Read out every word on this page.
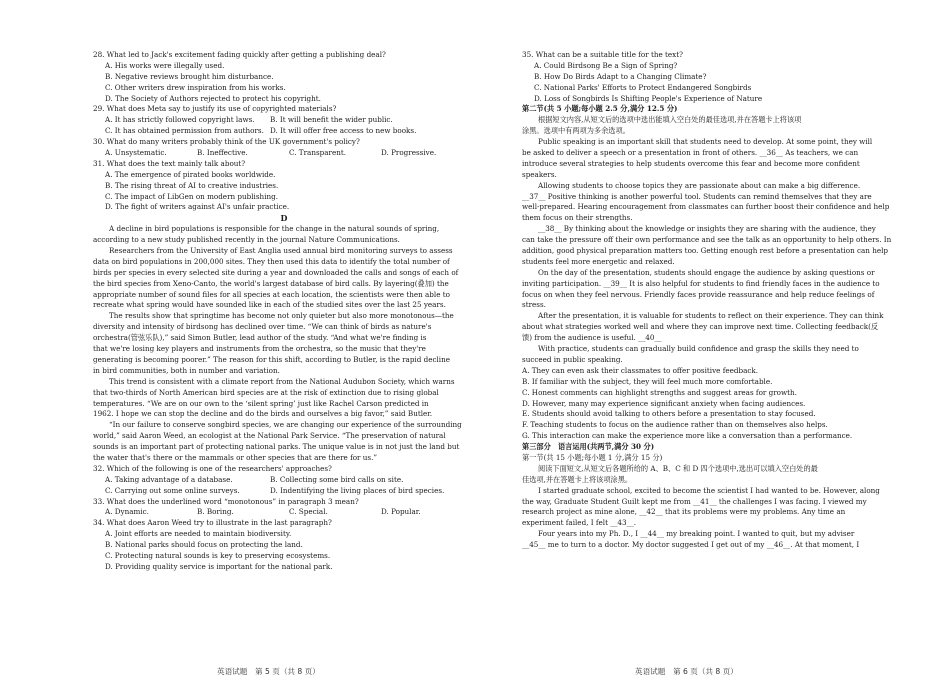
28. What led to Jack's excitement fading quickly after getting a publishing deal?
A. His works were illegally used.
B. Negative reviews brought him disturbance.
C. Other writers drew inspiration from his works.
D. The Society of Authors rejected to protect his copyright.
29. What does Meta say to justify its use of copyrighted materials?
A. It has strictly followed copyright laws.	B. It will benefit the wider public.
C. It has obtained permission from authors. D. It will offer free access to new books.
30. What do many writers probably think of the UK government's policy?
A. Unsystematic.	B. Ineffective.	C. Transparent.	D. Progressive.
31. What does the text mainly talk about?
A. The emergence of pirated books worldwide.
B. The rising threat of AI to creative industries.
C. The impact of LibGen on modern publishing.
D. The fight of writers against AI's unfair practice.
D
A decline in bird populations is responsible for the change in the natural sounds of spring,
according to a new study published recently in the journal Nature Communications.
Researchers from the University of East Anglia used annual bird monitoring surveys to assess
data on bird populations in 200,000 sites. They then used this data to identify the total number of
birds per species in every selected site during a year and downloaded the calls and songs of each of
the bird species from Xeno-Canto, the world's largest database of bird calls. By layering(叠加) the
appropriate number of sound files for all species at each location, the scientists were then able to
recreate what spring would have sounded like in each of the studied sites over the last 25 years.
The results show that springtime has become not only quieter but also more monotonous—the
diversity and intensity of birdsong has declined over time. “We can think of birds as nature's
orchestra(管弦乐队),” said Simon Butler, lead author of the study. “And what we're finding is
that we're losing key players and instruments from the orchestra, so the music that they're
generating is becoming poorer.” The reason for this shift, according to Butler, is the rapid decline
in bird communities, both in number and variation.
This trend is consistent with a climate report from the National Audubon Society, which warns
that two-thirds of North American bird species are at the risk of extinction due to rising global
temperatures. “We are on our own to the ‘silent spring’ just like Rachel Carson predicted in
1962. I hope we can stop the decline and do the birds and ourselves a big favor,” said Butler.
“In our failure to conserve songbird species, we are changing our experience of the surrounding
world,” said Aaron Weed, an ecologist at the National Park Service. “The preservation of natural
sounds is an important part of protecting national parks. The unique value is in not just the land but
the water that's there or the mammals or other species that are there for us.”
32. Which of the following is one of the researchers' approaches?
A. Taking advantage of a database.	B. Collecting some bird calls on site.
C. Carrying out some online surveys.	D. Indentifying the living places of bird species.
33. What does the underlined word “monotonous” in paragraph 3 mean?
A. Dynamic.	B. Boring.	C. Special.	D. Popular.
34. What does Aaron Weed try to illustrate in the last paragraph?
A. Joint efforts are needed to maintain biodiversity.
B. National parks should focus on protecting the land.
C. Protecting natural sounds is key to preserving ecosystems.
D. Providing quality service is important for the national park.
英语试题　第 5 页（共 8 页）
35. What can be a suitable title for the text?
A. Could Birdsong Be a Sign of Spring?
B. How Do Birds Adapt to a Changing Climate?
C. National Parks' Efforts to Protect Endangered Songbirds
D. Loss of Songbirds Is Shifting People's Experience of Nature
第二节(共 5 小题;每小题 2.5 分,满分 12.5 分)
根据短文内容,从短文后的选项中选出能填入空白处的最佳选项,并在答题卡上将该项
涂黑。选项中有两项为多余选项。
Public speaking is an important skill that students need to develop. At some point, they will
be asked to deliver a speech or a presentation in front of others. __36__ As teachers, we can
introduce several strategies to help students overcome this fear and become more confident
speakers.
Allowing students to choose topics they are passionate about can make a big difference.
__37__ Positive thinking is another powerful tool. Students can remind themselves that they are
well-prepared. Hearing encouragement from classmates can further boost their confidence and help
them focus on their strengths.
__38__ By thinking about the knowledge or insights they are sharing with the audience, they
can take the pressure off their own performance and see the talk as an opportunity to help others. In
addition, good physical preparation matters too. Getting enough rest before a presentation can help
students feel more energetic and relaxed.
On the day of the presentation, students should engage the audience by asking questions or
inviting participation. __39__ It is also helpful for students to find friendly faces in the audience to
focus on when they feel nervous. Friendly faces provide reassurance and help reduce feelings of
stress.
After the presentation, it is valuable for students to reflect on their experience. They can think
about what strategies worked well and where they can improve next time. Collecting feedback(反
馈) from the audience is useful. __40__
With practice, students can gradually build confidence and grasp the skills they need to
succeed in public speaking.
A. They can even ask their classmates to offer positive feedback.
B. If familiar with the subject, they will feel much more comfortable.
C. Honest comments can highlight strengths and suggest areas for growth.
D. However, many may experience significant anxiety when facing audiences.
E. Students should avoid talking to others before a presentation to stay focused.
F. Teaching students to focus on the audience rather than on themselves also helps.
G. This interaction can make the experience more like a conversation than a performance.
第三部分　语言运用(共两节,满分 30 分)
第一节(共 15 小题;每小题 1 分,满分 15 分)
阅读下面短文,从短文后各题所给的 A、B、C 和 D 四个选项中,选出可以填入空白处的最
佳选项,并在答题卡上将该项涂黑。
I started graduate school, excited to become the scientist I had wanted to be. However, along
the way, Graduate Student Guilt kept me from __41__ the challenges I was facing. I viewed my
research project as mine alone, __42__ that its problems were my problems. Any time an
experiment failed, I felt __43__.
Four years into my Ph. D., I __44__ my breaking point. I wanted to quit, but my adviser
__45__ me to turn to a doctor. My doctor suggested I get out of my __46__. At that moment, I
英语试题　第 6 页（共 8 页）
